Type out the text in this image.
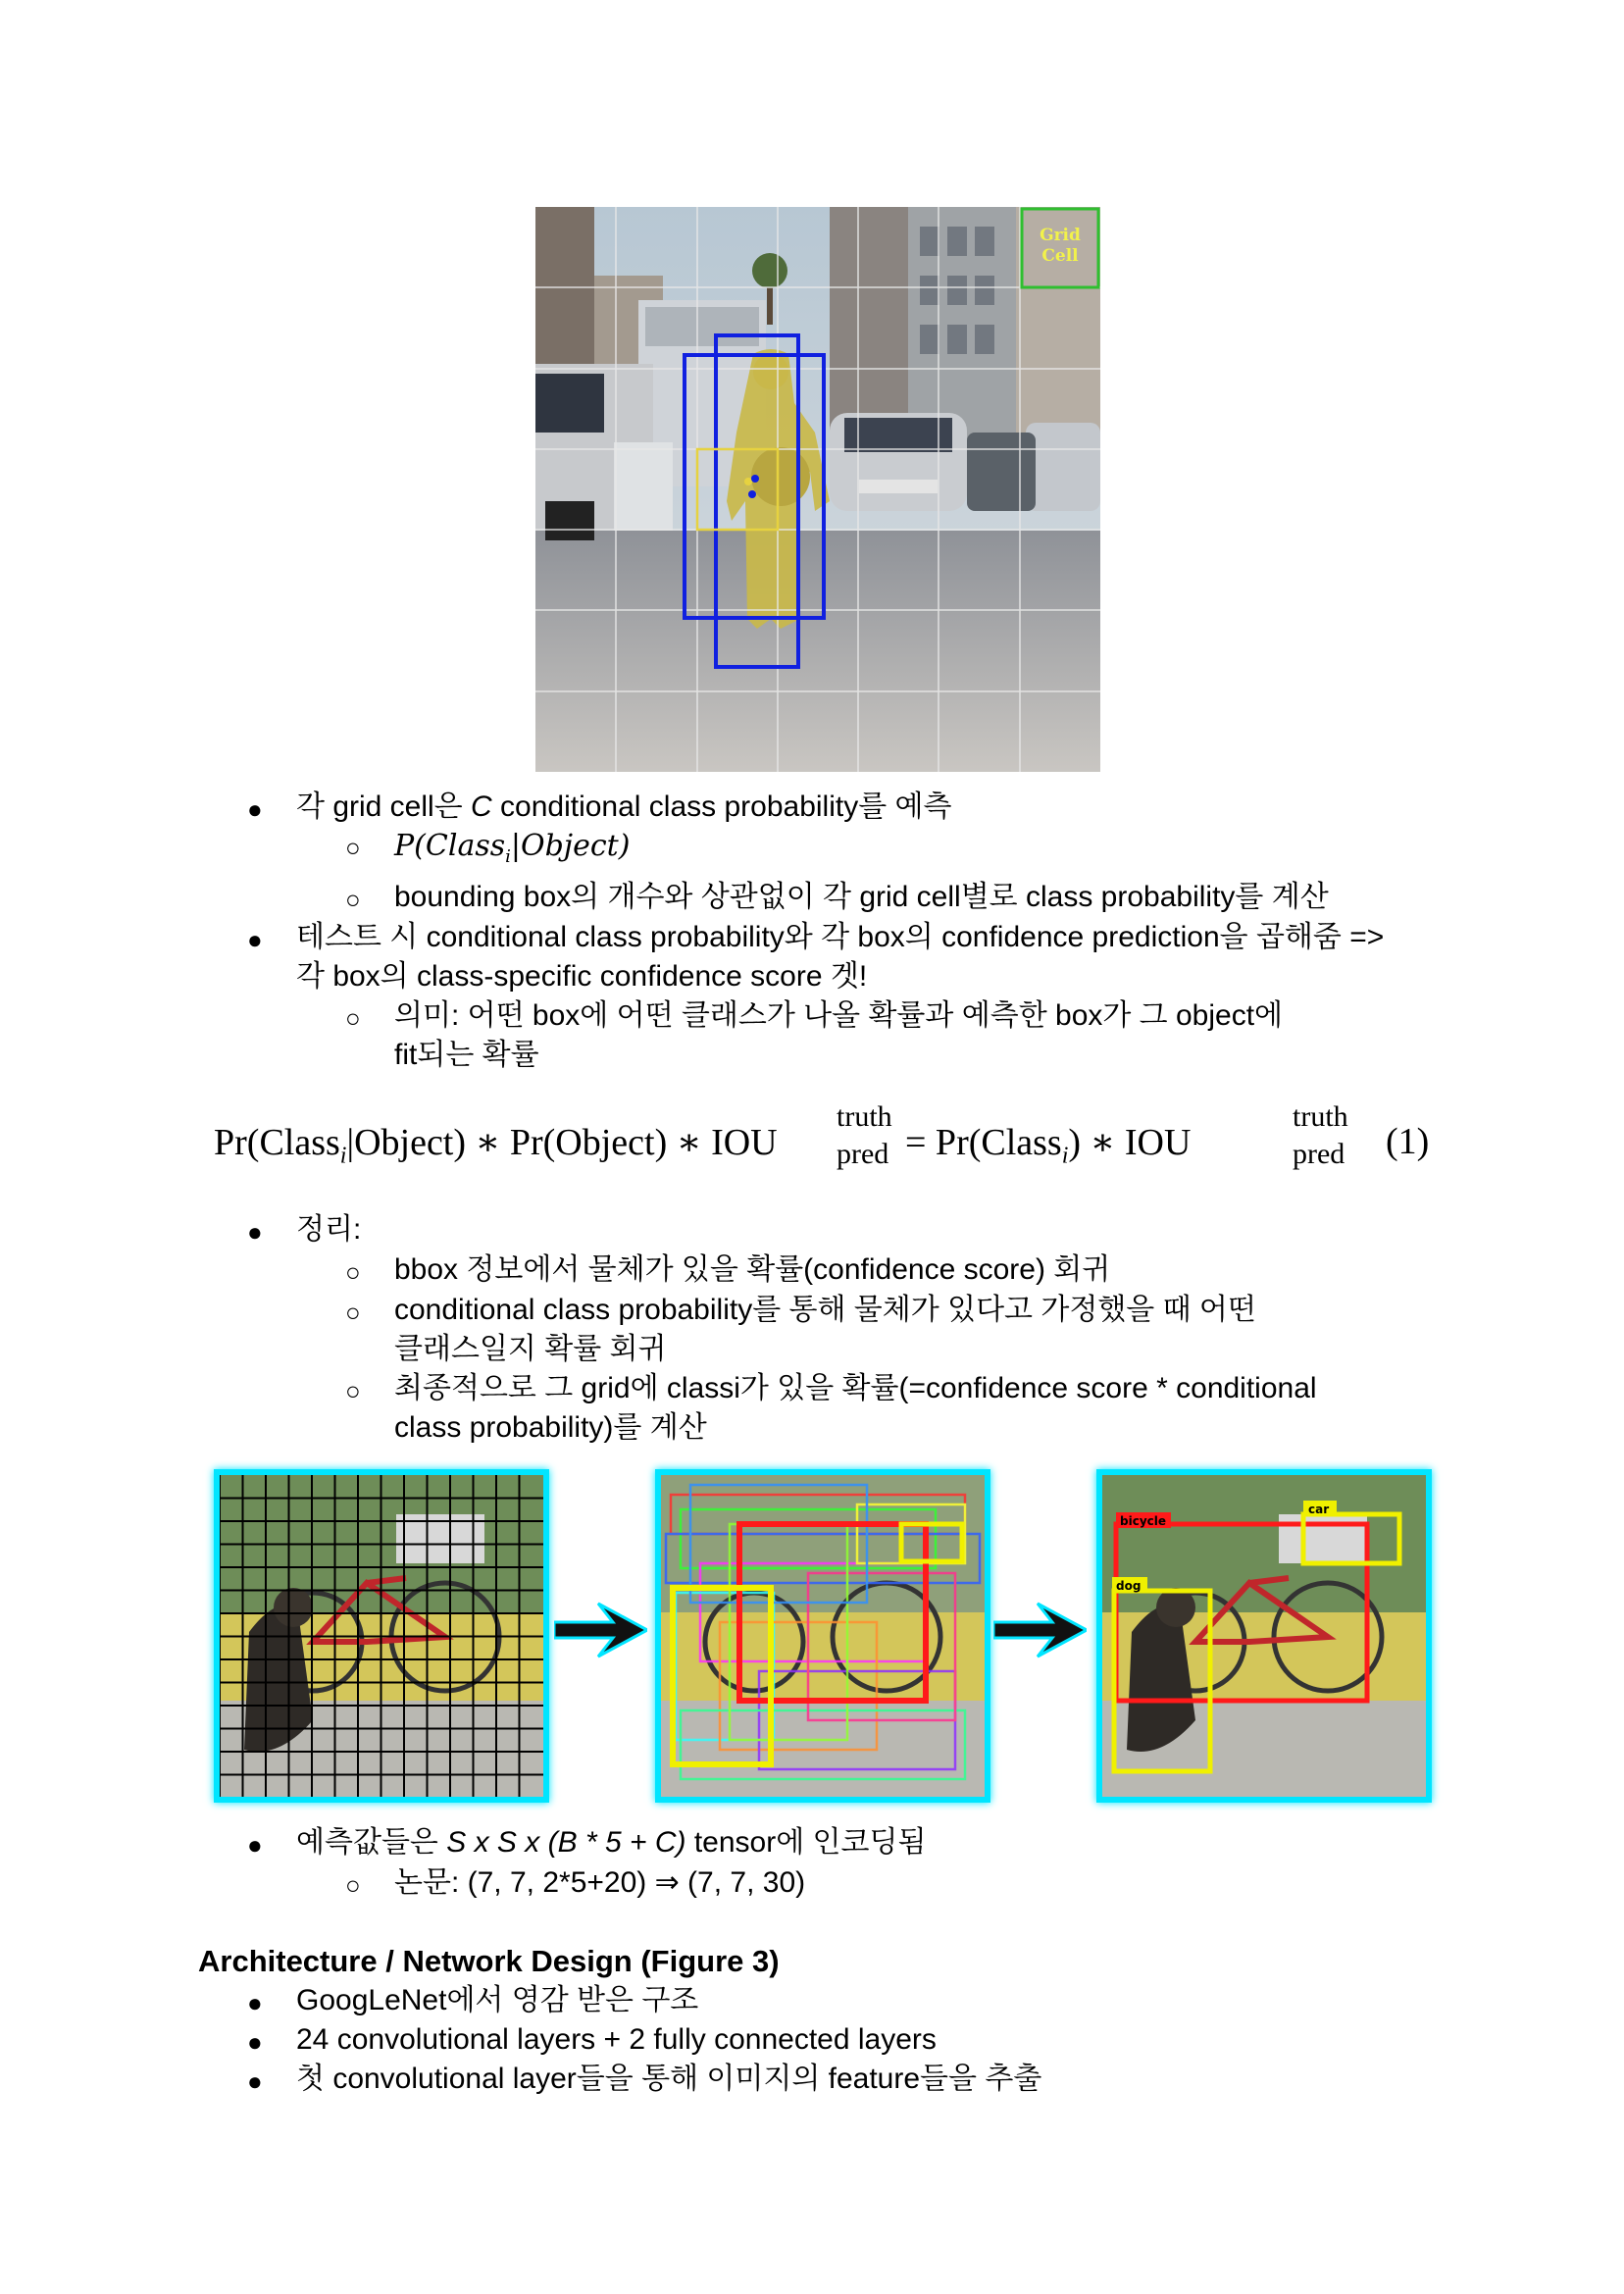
Grid
Cell
● 각 grid cell은 C conditional class probability를 예측
○ P(Class$_i$|Object)
○ bounding box의 개수와 상관없이 각 grid cell별로 class probability를 계산
● 테스트 시 conditional class probability와 각 box의 confidence prediction을 곱해줌 =>
각 box의 class-specific confidence score 겟!
○ 의미: 어떤 box에 어떤 클래스가 나올 확률과 예측한 box가 그 object에
fit되는 확률
Pr(Class$_i$|Object) ∗ Pr(Object) ∗ IOU
truth
pred = Pr(Class$_i$) ∗ IOU
truth
pred (1)
● 정리:
○ bbox 정보에서 물체가 있을 확률(confidence score) 회귀
○ conditional class probability를 통해 물체가 있다고 가정했을 때 어떤
클래스일지 확률 회귀
○ 최종적으로 그 grid에 classi가 있을 확률(=confidence score * conditional
class probability)를 계산
bicycle
car
dog
● 예측값들은 S x S x (B * 5 + C) tensor에 인코딩됨
○ 논문: (7, 7, 2*5+20) ⇒ (7, 7, 30)
Architecture / Network Design (Figure 3)
● GoogLeNet에서 영감 받은 구조
● 24 convolutional layers + 2 fully connected layers
● 첫 convolutional layer들을 통해 이미지의 feature들을 추출
